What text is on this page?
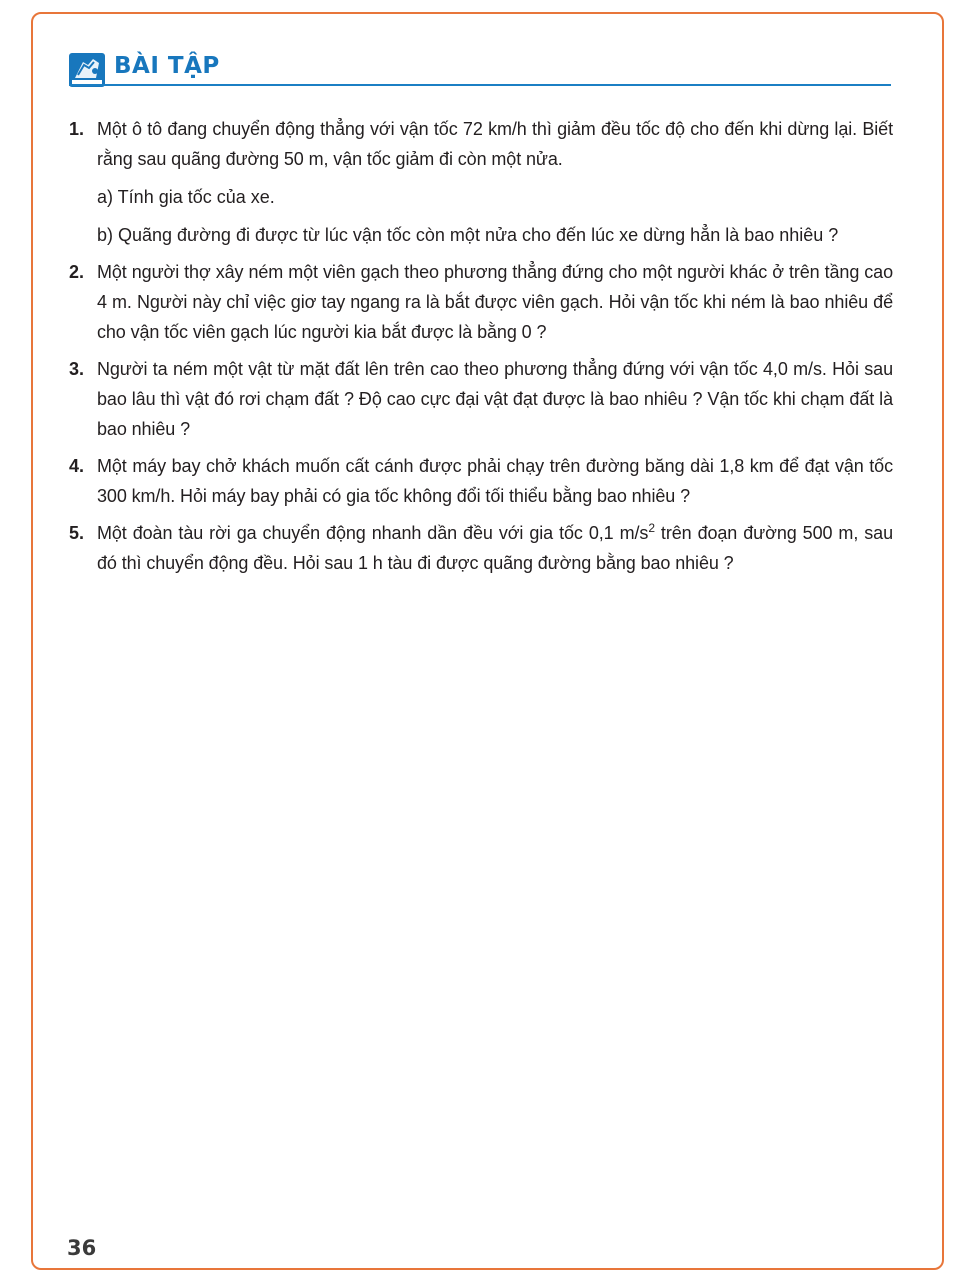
BÀI TẬP
1. Một ô tô đang chuyển động thẳng với vận tốc 72 km/h thì giảm đều tốc độ cho đến khi dừng lại. Biết rằng sau quãng đường 50 m, vận tốc giảm đi còn một nửa.
a) Tính gia tốc của xe.
b) Quãng đường đi được từ lúc vận tốc còn một nửa cho đến lúc xe dừng hẳn là bao nhiêu ?
2. Một người thợ xây ném một viên gạch theo phương thẳng đứng cho một người khác ở trên tầng cao 4 m. Người này chỉ việc giơ tay ngang ra là bắt được viên gạch. Hỏi vận tốc khi ném là bao nhiêu để cho vận tốc viên gạch lúc người kia bắt được là bằng 0 ?
3. Người ta ném một vật từ mặt đất lên trên cao theo phương thẳng đứng với vận tốc 4,0 m/s. Hỏi sau bao lâu thì vật đó rơi chạm đất ? Độ cao cực đại vật đạt được là bao nhiêu ? Vận tốc khi chạm đất là bao nhiêu ?
4. Một máy bay chở khách muốn cất cánh được phải chạy trên đường băng dài 1,8 km để đạt vận tốc 300 km/h. Hỏi máy bay phải có gia tốc không đổi tối thiểu bằng bao nhiêu ?
5. Một đoàn tàu rời ga chuyển động nhanh dần đều với gia tốc 0,1 $m/s^2$ trên đoạn đường 500 m, sau đó thì chuyển động đều. Hỏi sau 1 h tàu đi được quãng đường bằng bao nhiêu ?
36
